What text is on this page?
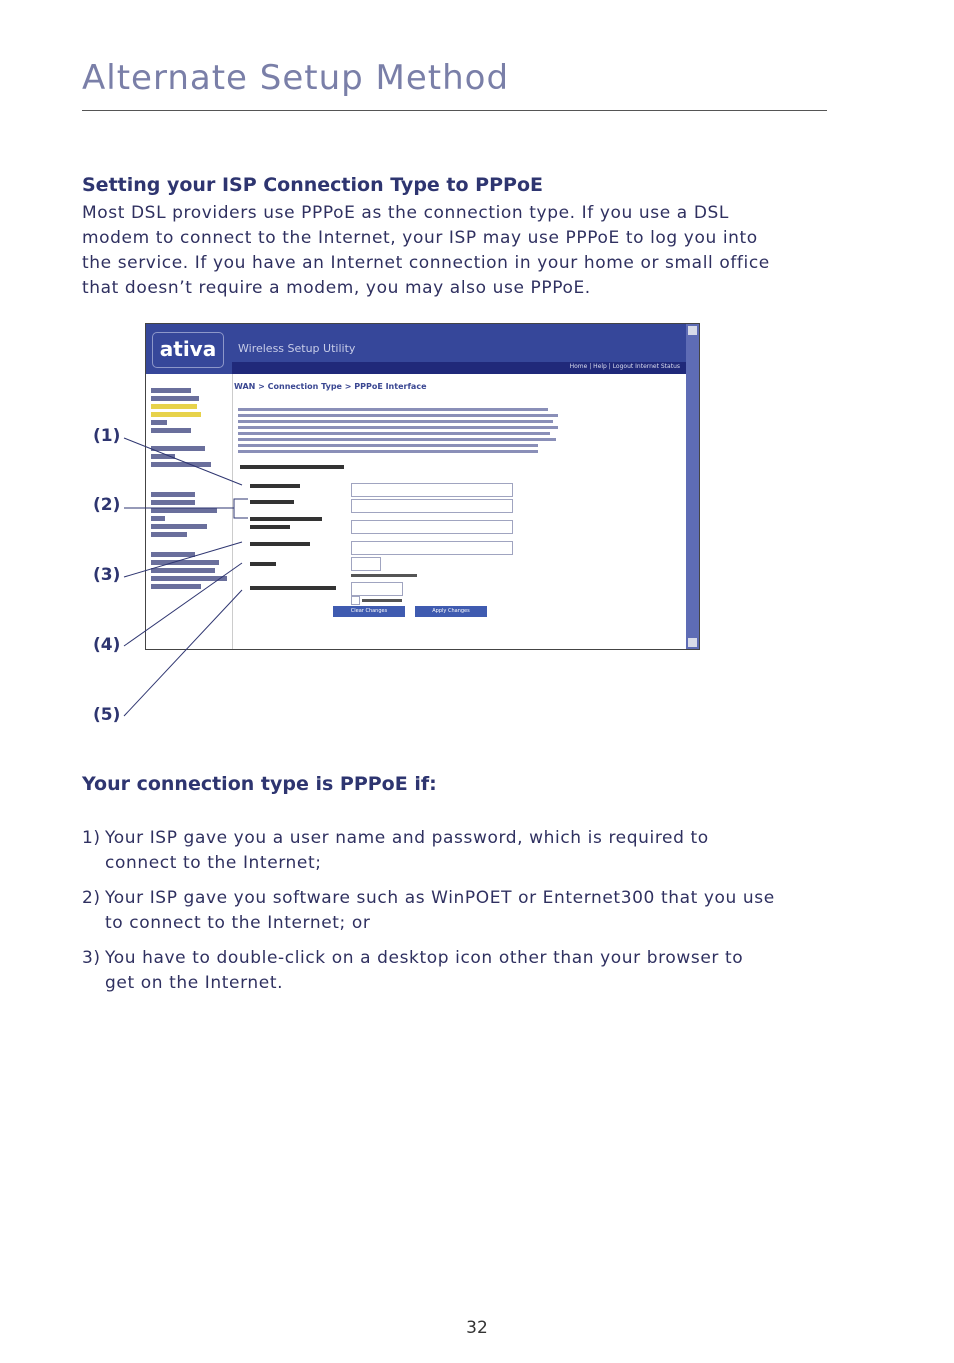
Alternate Setup Method
Setting your ISP Connection Type to PPPoE
Most DSL providers use PPPoE as the connection type. If you use a DSL
modem to connect to the Internet, your ISP may use PPPoE to log you into
the service. If you have an Internet connection in your home or small office
that doesn’t require a modem, you may also use PPPoE.
ativa	Wireless Setup Utility
Home | Help | Logout Internet Status
WAN > Connection Type > PPPoE Interface
Clear Changes	Apply Changes
(1)
(2)
(3)
(4)
(5)
Your connection type is PPPoE if:
1) Your ISP gave you a user name and password, which is required to
connect to the Internet;
2) Your ISP gave you software such as WinPOET or Enternet300 that you use
to connect to the Internet; or
3) You have to double-click on a desktop icon other than your browser to
get on the Internet.
32
